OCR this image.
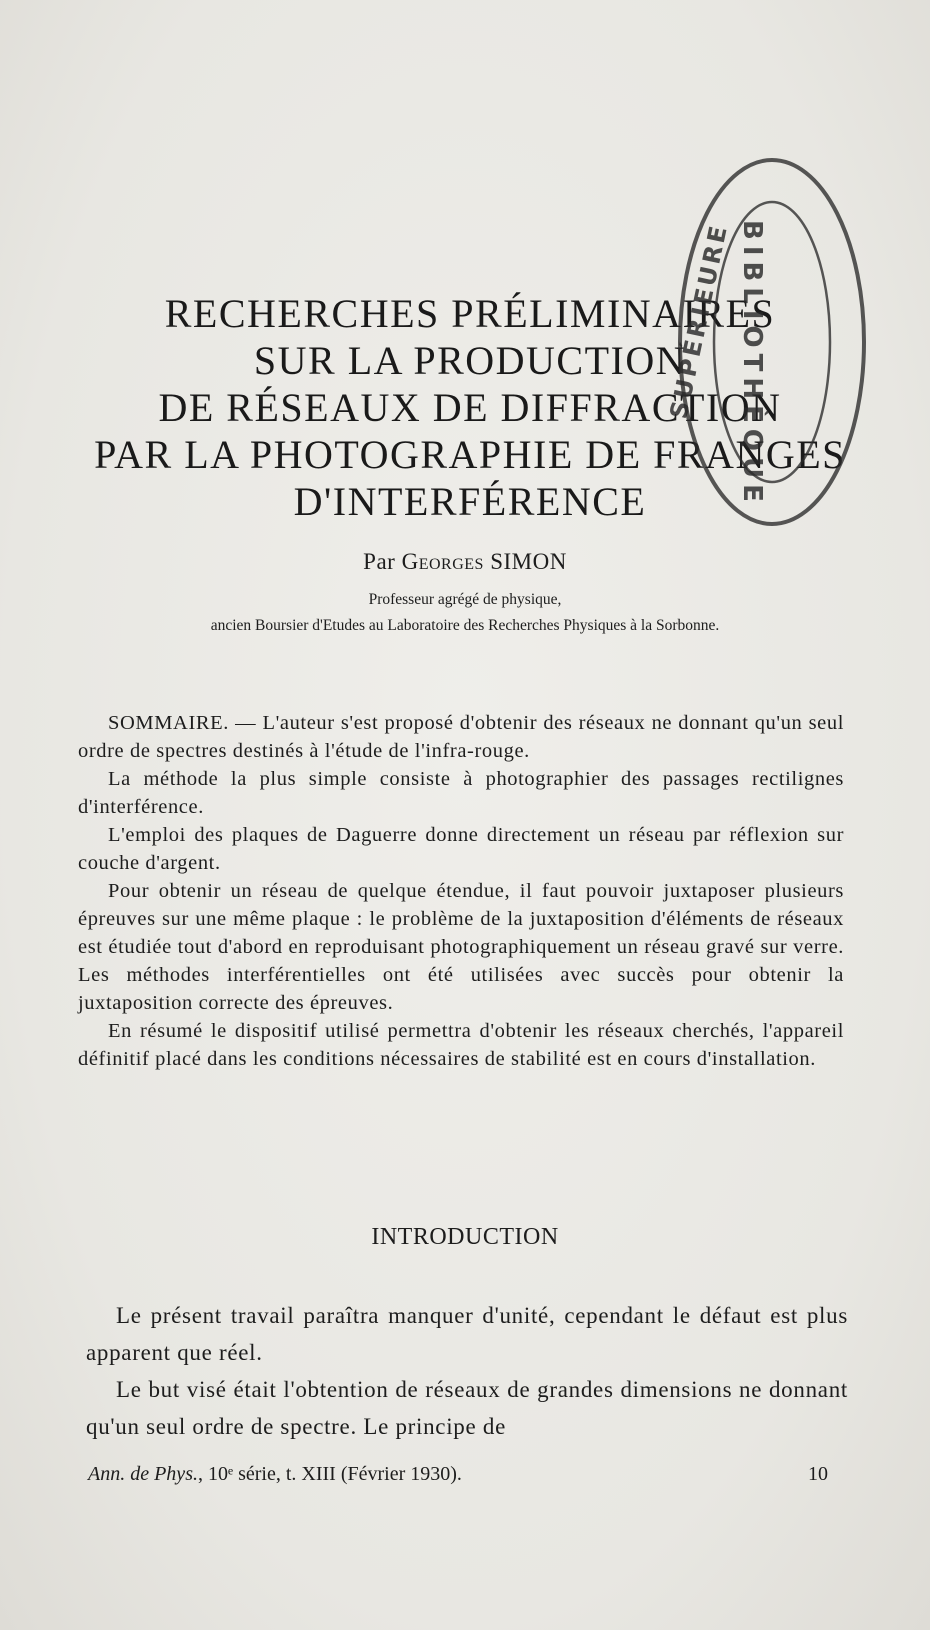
RECHERCHES PRÉLIMINAIRES
SUR LA PRODUCTION
DE RÉSEAUX DE DIFFRACTION
PAR LA PHOTOGRAPHIE DE FRANGES
D'INTERFÉRENCE
Par Georges SIMON
Professeur agrégé de physique,
ancien Boursier d'Etudes au Laboratoire des Recherches Physiques à la Sorbonne.

SOMMAIRE. — L'auteur s'est proposé d'obtenir des réseaux ne donnant qu'un seul ordre de spectres destinés à l'étude de l'infra-rouge.

La méthode la plus simple consiste à photographier des passages rectilignes d'interférence.

L'emploi des plaques de Daguerre donne directement un réseau par réflexion sur couche d'argent.

Pour obtenir un réseau de quelque étendue, il faut pouvoir juxtaposer plusieurs épreuves sur une même plaque : le problème de la juxtaposition d'éléments de réseaux est étudiée tout d'abord en reproduisant photographiquement un réseau gravé sur verre. Les méthodes interférentielles ont été utilisées avec succès pour obtenir la juxtaposition correcte des épreuves.

En résumé le dispositif utilisé permettra d'obtenir les réseaux cherchés, l'appareil définitif placé dans les conditions nécessaires de stabilité est en cours d'installation.

INTRODUCTION

Le présent travail paraîtra manquer d'unité, cependant le défaut est plus apparent que réel.

Le but visé était l'obtention de réseaux de grandes dimensions ne donnant qu'un seul ordre de spectre. Le principe de

Ann. de Phys., 10ᵉ série, t. XIII (Février 1930).	10
SUPÉRIEURE BIBLIOTHÈQUE
